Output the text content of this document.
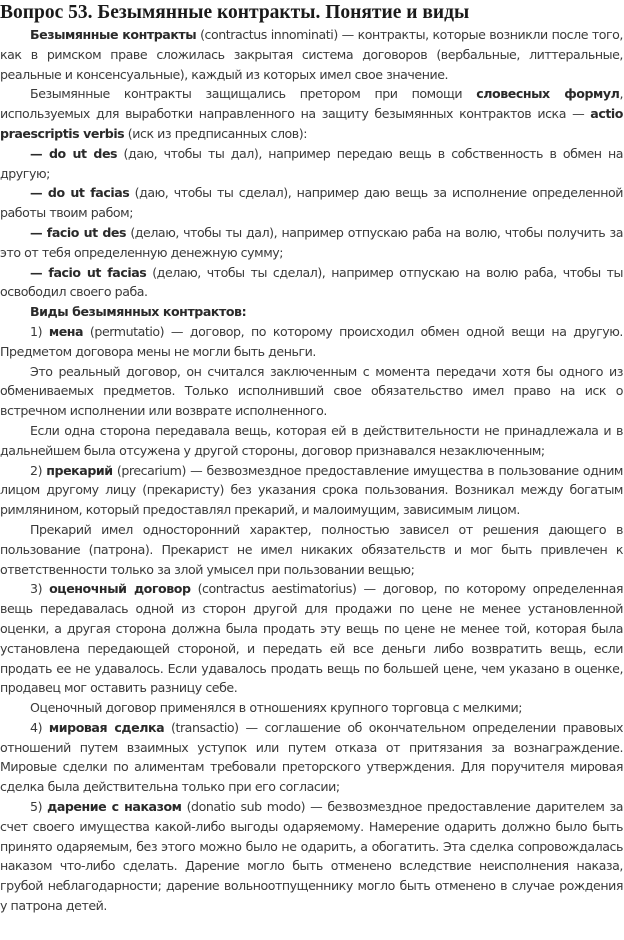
Вопрос 53. Безымянные контракты. Понятие и виды

Безымянные контракты (contractus innominati) — контракты, которые возникли после того, как в римском праве сложилась закрытая система договоров (вербальные, литтеральные, реальные и консенсуальные), каждый из которых имел свое значение.

Безымянные контракты защищались претором при помощи словесных формул, используемых для выработки направленного на защиту безымянных контрактов иска — actio praescriptis verbis (иск из предписанных слов):

— do ut des (даю, чтобы ты дал), например передаю вещь в собственность в обмен на другую;

— do ut facias (даю, чтобы ты сделал), например даю вещь за исполнение определенной работы твоим рабом;

— facio ut des (делаю, чтобы ты дал), например отпускаю раба на волю, чтобы получить за это от тебя определенную денежную сумму;

— facio ut facias (делаю, чтобы ты сделал), например отпускаю на волю раба, чтобы ты освободил своего раба.

Виды безымянных контрактов:

1) мена (permutatio) — договор, по которому происходил обмен одной вещи на другую. Предметом договора мены не могли быть деньги.

Это реальный договор, он считался заключенным с момента передачи хотя бы одного из обмениваемых предметов. Только исполнивший свое обязательство имел право на иск о встречном исполнении или возврате исполненного.

Если одна сторона передавала вещь, которая ей в действительности не принадлежала и в дальнейшем была отсужена у другой стороны, договор признавался незаключенным;

2) прекарий (precarium) — безвозмездное предоставление имущества в пользование одним лицом другому лицу (прекаристу) без указания срока пользования. Возникал между богатым римлянином, который предоставлял прекарий, и малоимущим, зависимым лицом.

Прекарий имел односторонний характер, полностью зависел от решения дающего в пользование (патрона). Прекарист не имел никаких обязательств и мог быть привлечен к ответственности только за злой умысел при пользовании вещью;

3) оценочный договор (contractus aestimatorius) — договор, по которому определенная вещь передавалась одной из сторон другой для продажи по цене не менее установленной оценки, а другая сторона должна была продать эту вещь по цене не менее той, которая была установлена передающей стороной, и передать ей все деньги либо возвратить вещь, если продать ее не удавалось. Если удавалось продать вещь по большей цене, чем указано в оценке, продавец мог оставить разницу себе.

Оценочный договор применялся в отношениях крупного торговца с мелкими;

4) мировая сделка (transactio) — соглашение об окончательном определении правовых отношений путем взаимных уступок или путем отказа от притязания за вознаграждение. Мировые сделки по алиментам требовали преторского утверждения. Для поручителя мировая сделка была действительна только при его согласии;

5) дарение с наказом (donatio sub modo) — безвозмездное предоставление дарителем за счет своего имущества какой-либо выгоды одаряемому. Намерение одарить должно было быть принято одаряемым, без этого можно было не одарить, а обогатить. Эта сделка сопровождалась наказом что-либо сделать. Дарение могло быть отменено вследствие неисполнения наказа, грубой неблагодарности; дарение вольноотпущеннику могло быть отменено в случае рождения у патрона детей.
